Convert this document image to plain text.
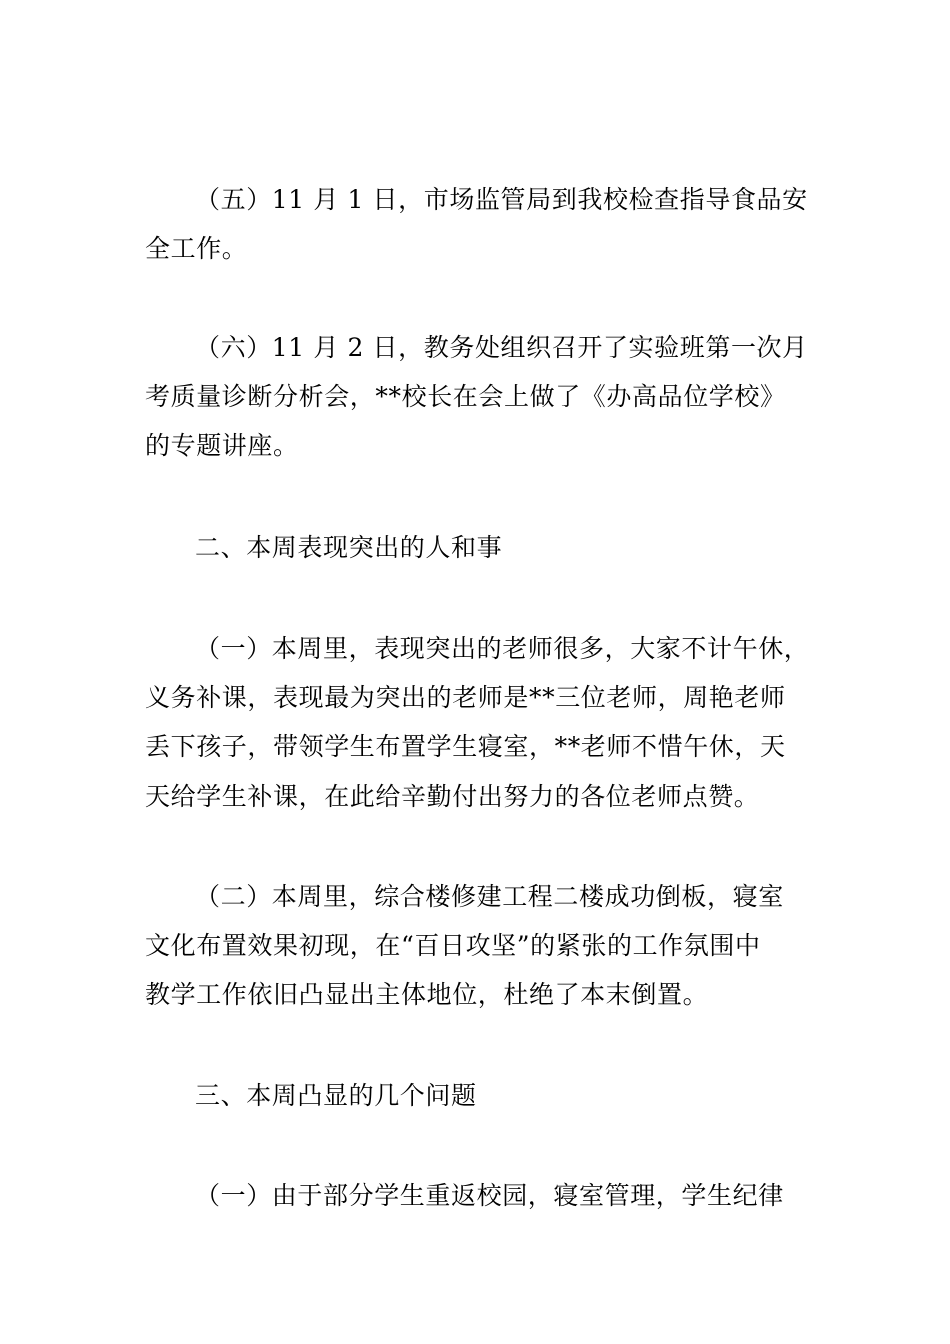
（五）11 月 1 日，市场监管局到我校检查指导食品安
全工作。
（六）11 月 2 日，教务处组织召开了实验班第一次月
考质量诊断分析会，**校长在会上做了《办高品位学校》
的专题讲座。
二、本周表现突出的人和事
（一）本周里，表现突出的老师很多，大家不计午休，
义务补课，表现最为突出的老师是**三位老师，周艳老师
丢下孩子，带领学生布置学生寝室，**老师不惜午休，天
天给学生补课，在此给辛勤付出努力的各位老师点赞。
（二）本周里，综合楼修建工程二楼成功倒板，寝室
文化布置效果初现，在“百日攻坚”的紧张的工作氛围中
教学工作依旧凸显出主体地位，杜绝了本末倒置。
三、本周凸显的几个问题
（一）由于部分学生重返校园，寝室管理，学生纪律
